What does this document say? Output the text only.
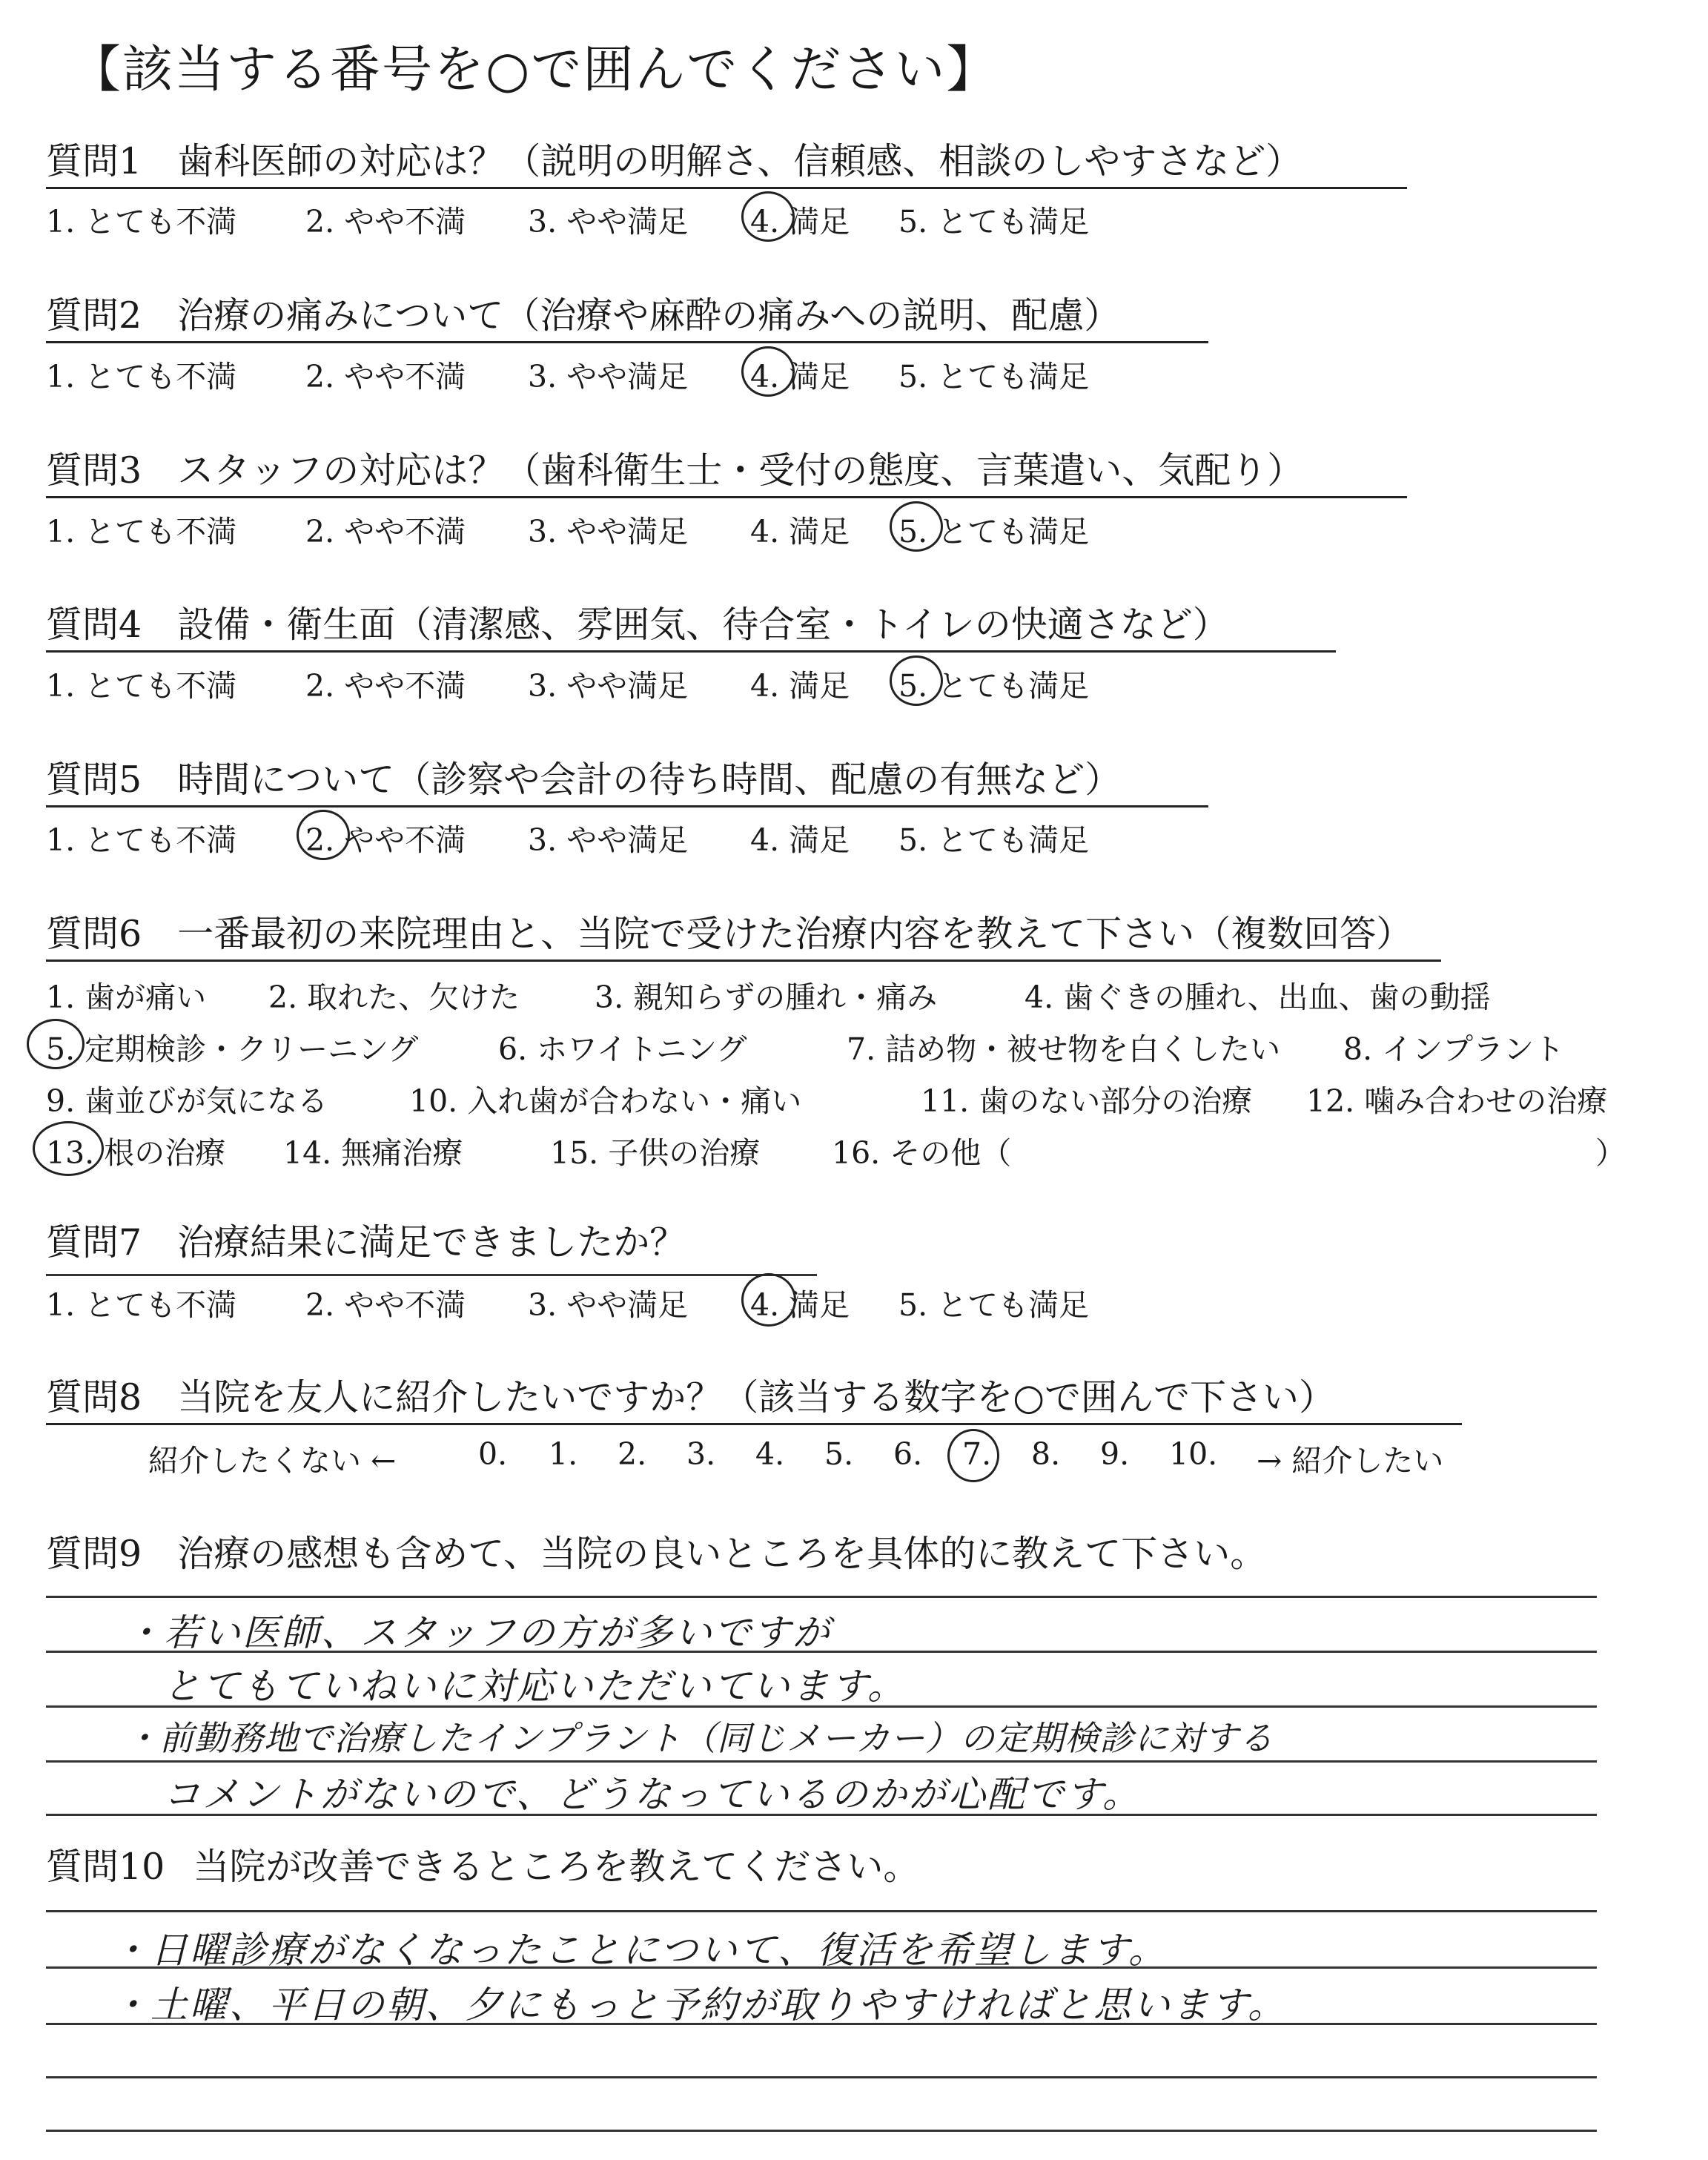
【該当する番号を○で囲んでください】
質問1 歯科医師の対応は？（説明の明解さ、信頼感、相談のしやすさなど）
1. とても不満 2. やや不満 3. やや満足 4. 満足 5. とても満足
質問2 治療の痛みについて（治療や麻酔の痛みへの説明、配慮）
1. とても不満 2. やや不満 3. やや満足 4. 満足 5. とても満足
質問3 スタッフの対応は？（歯科衛生士・受付の態度、言葉遣い、気配り）
1. とても不満 2. やや不満 3. やや満足 4. 満足 5. とても満足
質問4 設備・衛生面（清潔感、雰囲気、待合室・トイレの快適さなど）
1. とても不満 2. やや不満 3. やや満足 4. 満足 5. とても満足
質問5 時間について（診察や会計の待ち時間、配慮の有無など）
1. とても不満 2. やや不満 3. やや満足 4. 満足 5. とても満足
質問6 一番最初の来院理由と、当院で受けた治療内容を教えて下さい（複数回答）
1. 歯が痛い 2. 取れた、欠けた 3. 親知らずの腫れ・痛み	4. 歯ぐきの腫れ、出血、歯の動揺
5. 定期検診・クリーニング	6. ホワイトニング	7. 詰め物・被せ物を白くしたい 8. インプラント
9. 歯並びが気になる	10. 入れ歯が合わない・痛い	11. 歯のない部分の治療 12. 噛み合わせの治療
13. 根の治療 14. 無痛治療	15. 子供の治療 16. その他（	）
質問7 治療結果に満足できましたか？
1. とても不満 2. やや不満 3. やや満足 4. 満足 5. とても満足
質問8 当院を友人に紹介したいですか？（該当する数字を○で囲んで下さい）
紹介したくない ←	0. 1. 2. 3. 4. 5. 6. 7. 8. 9. 10. → 紹介したい
質問9 治療の感想も含めて、当院の良いところを具体的に教えて下さい。
・若い医師、スタッフの方が多いですが
とてもていねいに対応いただいています。
・前勤務地で治療したインプラント（同じメーカー）の定期検診に対する
コメントがないので、どうなっているのかが心配です。
質問10 当院が改善できるところを教えてください。
・日曜診療がなくなったことについて、復活を希望します。
・土曜、平日の朝、夕にもっと予約が取りやすければと思います。
